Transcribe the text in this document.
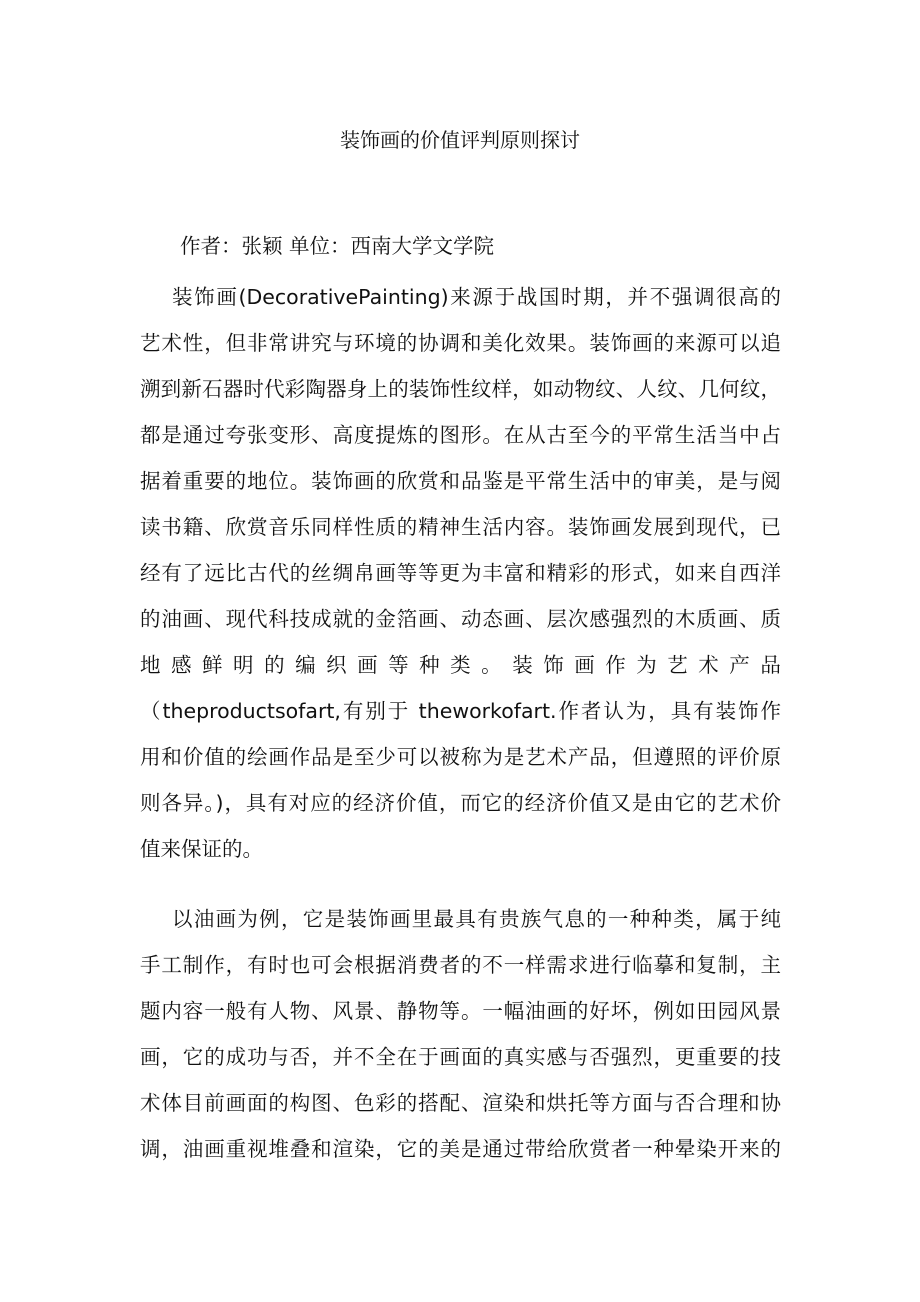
装饰画的价值评判原则探讨
作者：张颖 单位：西南大学文学院
装饰画(DecorativePainting)来源于战国时期，并不强调很高的
艺术性，但非常讲究与环境的协调和美化效果。装饰画的来源可以追
溯到新石器时代彩陶器身上的装饰性纹样，如动物纹、人纹、几何纹，
都是通过夸张变形、高度提炼的图形。在从古至今的平常生活当中占
据着重要的地位。装饰画的欣赏和品鉴是平常生活中的审美，是与阅
读书籍、欣赏音乐同样性质的精神生活内容。装饰画发展到现代，已
经有了远比古代的丝绸帛画等等更为丰富和精彩的形式，如来自西洋
的油画、现代科技成就的金箔画、动态画、层次感强烈的木质画、质
地 感 鲜 明 的 编 织 画 等 种 类 。 装 饰 画 作 为 艺 术 产 品
（theproductsofart,有别于 theworkofart.作者认为，具有装饰作
用和价值的绘画作品是至少可以被称为是艺术产品，但遵照的评价原
则各异。)，具有对应的经济价值，而它的经济价值又是由它的艺术价
值来保证的。
以油画为例，它是装饰画里最具有贵族气息的一种种类，属于纯
手工制作，有时也可会根据消费者的不一样需求进行临摹和复制，主
题内容一般有人物、风景、静物等。一幅油画的好坏，例如田园风景
画，它的成功与否，并不全在于画面的真实感与否强烈，更重要的技
术体目前画面的构图、色彩的搭配、渲染和烘托等方面与否合理和协
调，油画重视堆叠和渲染，它的美是通过带给欣赏者一种晕染开来的
